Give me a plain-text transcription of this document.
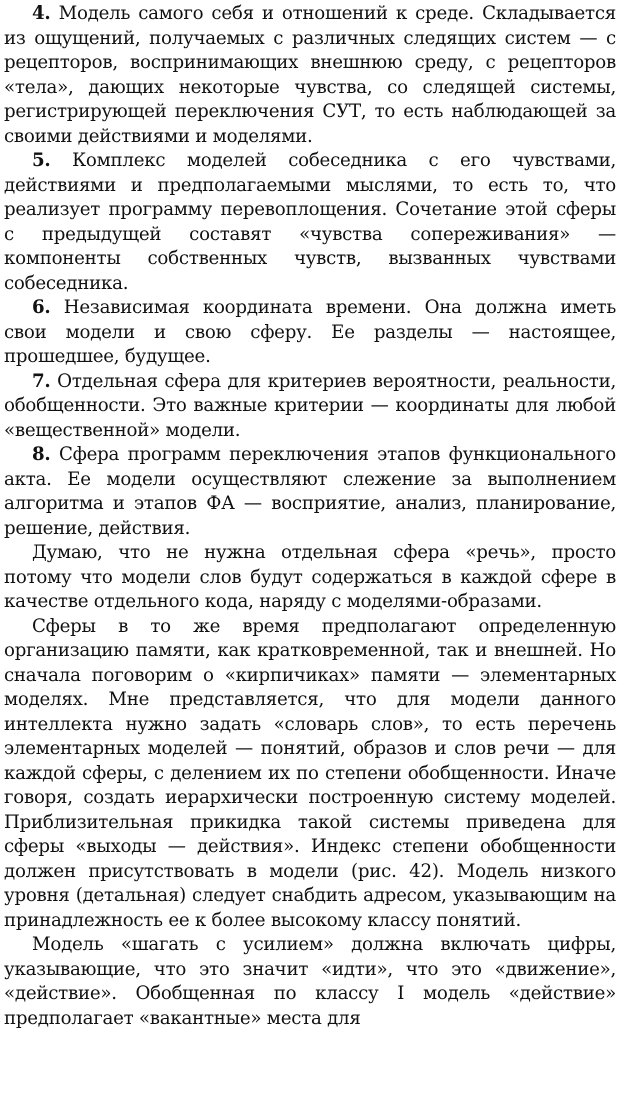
4. Модель самого себя и отношений к среде. Складывается из ощущений, получаемых с различных следящих систем — с рецепторов, воспринимающих внешнюю среду, с рецепторов «тела», дающих некоторые чувства, со следящей системы, регистрирующей переключения СУТ, то есть наблюдающей за своими действиями и моделями.

5. Комплекс моделей собеседника с его чувствами, действиями и предполагаемыми мыслями, то есть то, что реализует программу перевоплощения. Сочетание этой сферы с предыдущей составят «чувства сопереживания» — компоненты собственных чувств, вызванных чувствами собеседника.

6. Независимая координата времени. Она должна иметь свои модели и свою сферу. Ее разделы — настоящее, прошедшее, будущее.

7. Отдельная сфера для критериев вероятности, реальности, обобщенности. Это важные критерии — координаты для любой «вещественной» модели.

8. Сфера программ переключения этапов функционального акта. Ее модели осуществляют слежение за выполнением алгоритма и этапов ФА — восприятие, анализ, планирование, решение, действия.

Думаю, что не нужна отдельная сфера «речь», просто потому что модели слов будут содержаться в каждой сфере в качестве отдельного кода, наряду с моделями-образами.

Сферы в то же время предполагают определенную организацию памяти, как кратковременной, так и внешней. Но сначала поговорим о «кирпичиках» памяти — элементарных моделях. Мне представляется, что для модели данного интеллекта нужно задать «словарь слов», то есть перечень элементарных моделей — понятий, образов и слов речи — для каждой сферы, с делением их по степени обобщенности. Иначе говоря, создать иерархически построенную систему моделей. Приблизительная прикидка такой системы приведена для сферы «выходы — действия». Индекс степени обобщенности должен присутствовать в модели (рис. 42). Модель низкого уровня (детальная) следует снабдить адресом, указывающим на принадлежность ее к более высокому классу понятий.

Модель «шагать с усилием» должна включать цифры, указывающие, что это значит «идти», что это «движение», «действие». Обобщенная по классу I модель «действие» предполагает «вакантные» места для
